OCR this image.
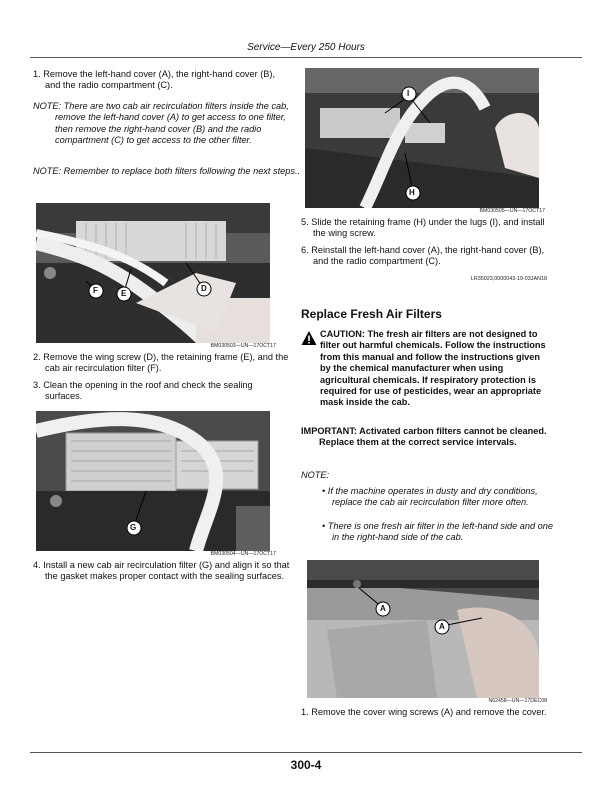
Service—Every 250 Hours
1. Remove the left-hand cover (A), the right-hand cover (B), and the radio compartment (C).
NOTE: There are two cab air recirculation filters inside the cab, remove the left-hand cover (A) to get access to one filter, then remove the right-hand cover (B) and the radio compartment (C) to get access to the other filter.
NOTE: Remember to replace both filters following the next steps..
F	E
D
BM030503—UN—17OCT17
2. Remove the wing screw (D), the retaining frame (E), and the cab air recirculation filter (F).
3. Clean the opening in the roof and check the sealing surfaces.
G
BM030504—UN—17OCT17
4. Install a new cab air recirculation filter (G) and align it so that the gasket makes proper contact with the sealing surfaces.
I
H
BM030505—UN—17OCT17
5. Slide the retaining frame (H) under the lugs (I), and install the wing screw.
6. Reinstall the left-hand cover (A), the right-hand cover (B), and the radio compartment (C).
LR35023,0000043-19-03JAN18
Replace Fresh Air Filters
CAUTION: The fresh air filters are not designed to filter out harmful chemicals. Follow the instructions from this manual and follow the instructions given by the chemical manufacturer when using agricultural chemicals. If respiratory protection is required for use of pesticides, wear an appropriate mask inside the cab.
IMPORTANT: Activated carbon filters cannot be cleaned. Replace them at the correct service intervals.
NOTE:
• If the machine operates in dusty and dry conditions, replace the cab air recirculation filter more often.
• There is one fresh air filter in the left-hand side and one in the right-hand side of the cab.
A
A
N62458—UN—17DEC08
1. Remove the cover wing screws (A) and remove the cover.
300-4
